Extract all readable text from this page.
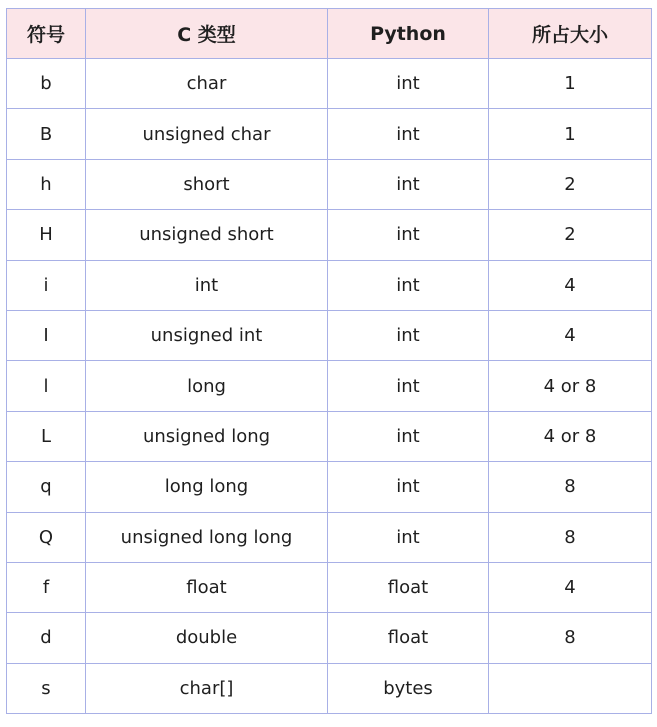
符号	C 类型	Python	所占大小
b	char	int	1
B	unsigned char	int	1
h	short	int	2
H	unsigned short	int	2
i	int	int	4
I	unsigned int	int	4
l	long	int	4 or 8
L	unsigned long	int	4 or 8
q	long long	int	8
Q	unsigned long long	int	8
f	float	float	4
d	double	float	8
s	char[]	bytes	
